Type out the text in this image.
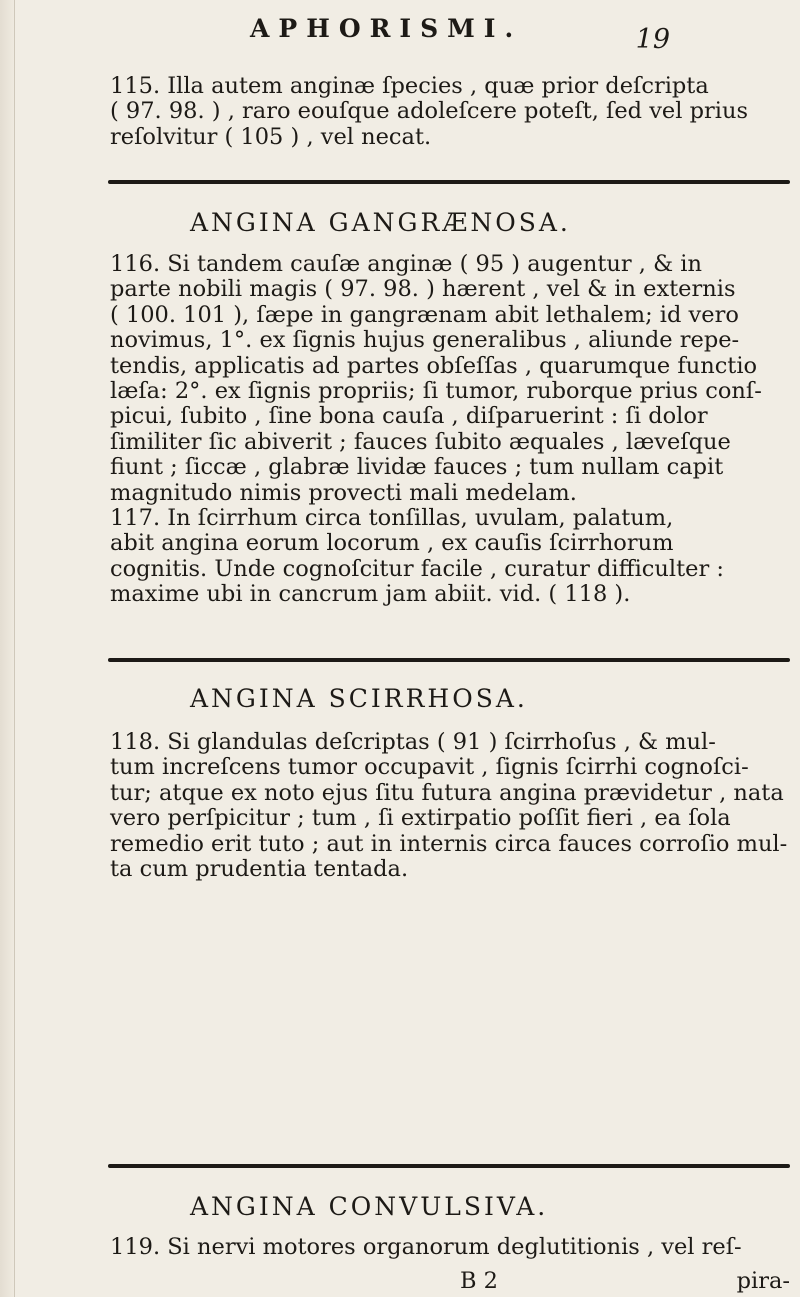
APHORISMI.	19

115. Illa autem anginæ ſpecies , quæ prior deſcripta
( 97. 98. ) , raro eouſque adoleſcere poteſt, ſed vel prius
reſolvitur ( 105 ) , vel necat.

ANGINA GANGRÆNOSA.

116. Si tandem cauſæ anginæ ( 95 ) augentur , & in
parte nobili magis ( 97. 98. ) hærent , vel & in externis
( 100. 101 ), ſæpe in gangrænam abit lethalem; id vero
novimus, 1°. ex ſignis hujus generalibus , aliunde repe-
tendis, applicatis ad partes obſeſſas , quarumque functio
læſa: 2°. ex ſignis propriis; ſi tumor, ruborque prius conſ-
picui, ſubito , ſine bona cauſa , diſparuerint : ſi dolor
ſimiliter ſic abiverit ; fauces ſubito æquales , læveſque
fiunt ; ſiccæ , glabræ lividæ fauces ; tum nullam capit
magnitudo nimis provecti mali medelam.
117. In ſcirrhum circa tonſillas, uvulam, palatum,
abit angina eorum locorum , ex cauſis ſcirrhorum
cognitis. Unde cognoſcitur facile , curatur difficulter :
maxime ubi in cancrum jam abiit. vid. ( 118 ).

ANGINA SCIRRHOSA.

118. Si glandulas deſcriptas ( 91 ) ſcirrhoſus , & mul-
tum increſcens tumor occupavit , ſignis ſcirrhi cognoſci-
tur; atque ex noto ejus ſitu futura angina prævidetur , nata
vero perſpicitur ; tum , ſi extirpatio poſſit fieri , ea ſola
remedio erit tuto ; aut in internis circa fauces corroſio mul-
ta cum prudentia tentada.

ANGINA CONVULSIVA.

119. Si nervi motores organorum deglutitionis , vel reſ-

B 2	pira-
